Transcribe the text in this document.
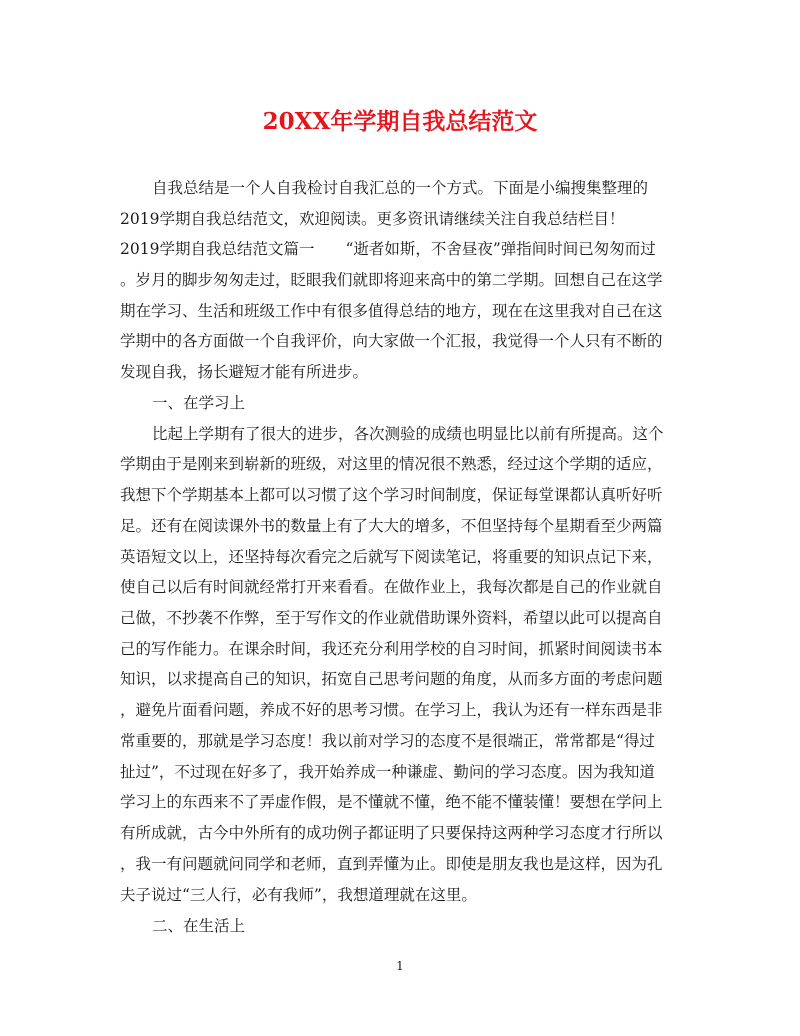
20XX年学期自我总结范文
自我总结是一个人自我检讨自我汇总的一个方式。下面是小编搜集整理的
2019学期自我总结范文，欢迎阅读。更多资讯请继续关注自我总结栏目！
2019学期自我总结范文篇一　　“逝者如斯，不舍昼夜”弹指间时间已匆匆而过
。岁月的脚步匆匆走过，眨眼我们就即将迎来高中的第二学期。回想自己在这学
期在学习、生活和班级工作中有很多值得总结的地方，现在在这里我对自己在这
学期中的各方面做一个自我评价，向大家做一个汇报，我觉得一个人只有不断的
发现自我，扬长避短才能有所进步。
一、在学习上
比起上学期有了很大的进步，各次测验的成绩也明显比以前有所提高。这个
学期由于是刚来到崭新的班级，对这里的情况很不熟悉，经过这个学期的适应，
我想下个学期基本上都可以习惯了这个学习时间制度，保证每堂课都认真听好听
足。还有在阅读课外书的数量上有了大大的增多，不但坚持每个星期看至少两篇
英语短文以上，还坚持每次看完之后就写下阅读笔记，将重要的知识点记下来，
使自己以后有时间就经常打开来看看。在做作业上，我每次都是自己的作业就自
己做，不抄袭不作弊，至于写作文的作业就借助课外资料，希望以此可以提高自
己的写作能力。在课余时间，我还充分利用学校的自习时间，抓紧时间阅读书本
知识，以求提高自己的知识，拓宽自己思考问题的角度，从而多方面的考虑问题
，避免片面看问题，养成不好的思考习惯。在学习上，我认为还有一样东西是非
常重要的，那就是学习态度！我以前对学习的态度不是很端正，常常都是“得过
扯过”，不过现在好多了，我开始养成一种谦虚、勤问的学习态度。因为我知道
学习上的东西来不了弄虚作假，是不懂就不懂，绝不能不懂装懂！要想在学问上
有所成就，古今中外所有的成功例子都证明了只要保持这两种学习态度才行所以
，我一有问题就问同学和老师，直到弄懂为止。即使是朋友我也是这样，因为孔
夫子说过“三人行，必有我师”，我想道理就在这里。
二、在生活上
1
